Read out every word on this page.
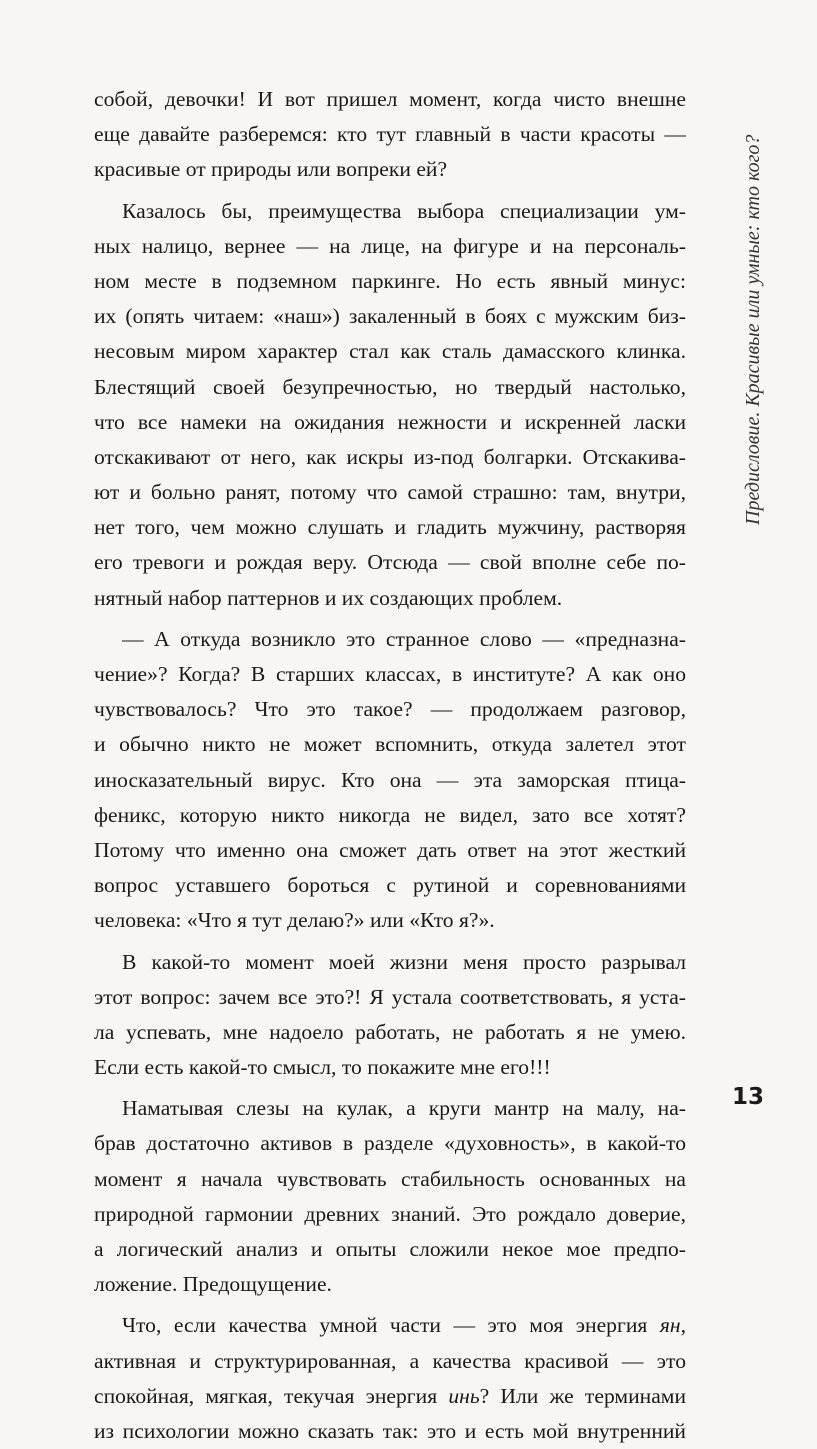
Предисловие. Красивые или умные: кто кого?
собой, девочки! И вот пришел момент, когда чисто внешне
еще давайте разберемся: кто тут главный в части красоты —
красивые от природы или вопреки ей?
Казалось бы, преимущества выбора специализации ум-
ных налицо, вернее — на лице, на фигуре и на персональ-
ном месте в подземном паркинге. Но есть явный минус:
их (опять читаем: «наш») закаленный в боях с мужским биз-
несовым миром характер стал как сталь дамасского клинка.
Блестящий своей безупречностью, но твердый настолько,
что все намеки на ожидания нежности и искренней ласки
отскакивают от него, как искры из-под болгарки. Отскакива-
ют и больно ранят, потому что самой страшно: там, внутри,
нет того, чем можно слушать и гладить мужчину, растворяя
его тревоги и рождая веру. Отсюда — свой вполне себе по-
нятный набор паттернов и их создающих проблем.
— А откуда возникло это странное слово — «предназна-
чение»? Когда? В старших классах, в институте? А как оно
чувствовалось? Что это такое? — продолжаем разговор,
и обычно никто не может вспомнить, откуда залетел этот
иносказательный вирус. Кто она — эта заморская птица-
феникс, которую никто никогда не видел, зато все хотят?
Потому что именно она сможет дать ответ на этот жесткий
вопрос уставшего бороться с рутиной и соревнованиями
человека: «Что я тут делаю?» или «Кто я?».
В какой-то момент моей жизни меня просто разрывал
этот вопрос: зачем все это?! Я устала соответствовать, я уста-
ла успевать, мне надоело работать, не работать я не умею.
Если есть какой-то смысл, то покажите мне его!!!
Наматывая слезы на кулак, а круги мантр на малу, на-
брав достаточно активов в разделе «духовность», в какой-то
момент я начала чувствовать стабильность основанных на
природной гармонии древних знаний. Это рождало доверие,
а логический анализ и опыты сложили некое мое предпо-
ложение. Предощущение.
Что, если качества умной части — это моя энергия ян,
активная и структурированная, а качества красивой — это
спокойная, мягкая, текучая энергия инь? Или же терминами
из психологии можно сказать так: это и есть мой внутренний
13
